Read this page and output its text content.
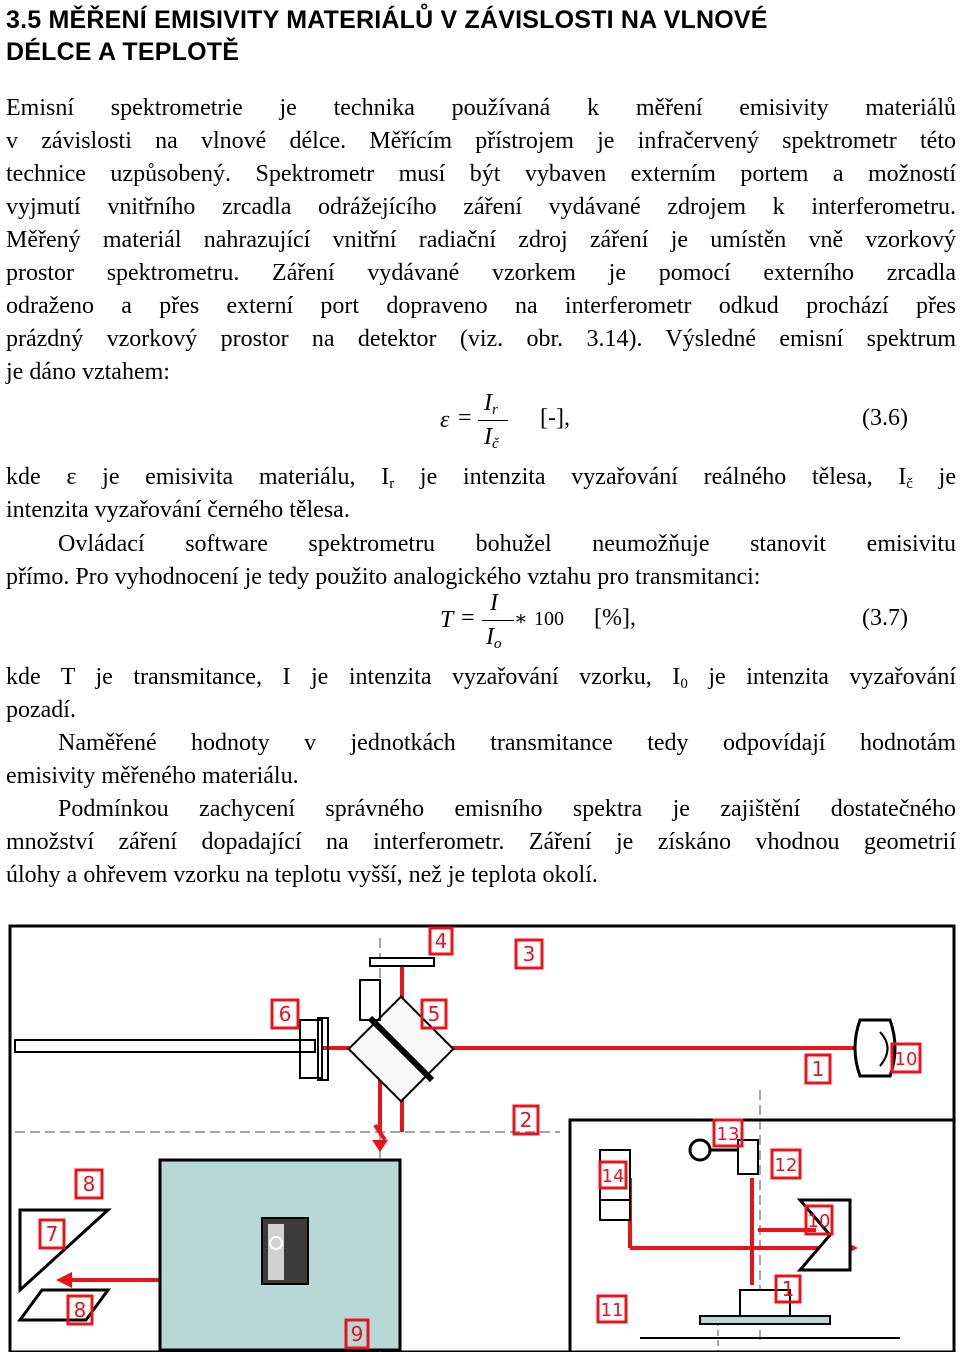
3.5 MĚŘENÍ EMISIVITY MATERIÁLŮ V ZÁVISLOSTI NA VLNOVÉ
DÉLCE A TEPLOTĚ
Emisní spektrometrie je technika používaná k měření emisivity materiálů
v závislosti na vlnové délce. Měřícím přístrojem je infračervený spektrometr této
technice uzpůsobený. Spektrometr musí být vybaven externím portem a možností
vyjmutí vnitřního zrcadla odrážejícího záření vydávané zdrojem k interferometru.
Měřený materiál nahrazující vnitřní radiační zdroj záření je umístěn vně vzorkový
prostor spektrometru. Záření vydávané vzorkem je pomocí externího zrcadla
odraženo a přes externí port dopraveno na interferometr odkud prochází přes
prázdný vzorkový prostor na detektor (viz. obr. 3.14). Výsledné emisní spektrum
je dáno vztahem:
ε =
$I_r$
$I_č$
[-],	(3.6)
kde ε je emisivita materiálu, $I_r$ je intenzita vyzařování reálného tělesa, $I_č$ je
intenzita vyzařování černého tělesa.
Ovládací software spektrometru bohužel neumožňuje stanovit emisivitu
přímo. Pro vyhodnocení je tedy použito analogického vztahu pro transmitanci:
T =
I
$I_o$
∗ 100 [%],	(3.7)
kde T je transmitance, I je intenzita vyzařování vzorku, $I_0$ je intenzita vyzařování
pozadí.
Naměřené hodnoty v jednotkách transmitance tedy odpovídají hodnotám
emisivity měřeného materiálu.
Podmínkou zachycení správného emisního spektra je zajištění dostatečného
množství záření dopadající na interferometr. Záření je získáno vhodnou geometrií
úlohy a ohřevem vzorku na teplotu vyšší, než je teplota okolí.
4
3
6	5
1	10
2
13
8	14
12
7
10
8	11
1
9
